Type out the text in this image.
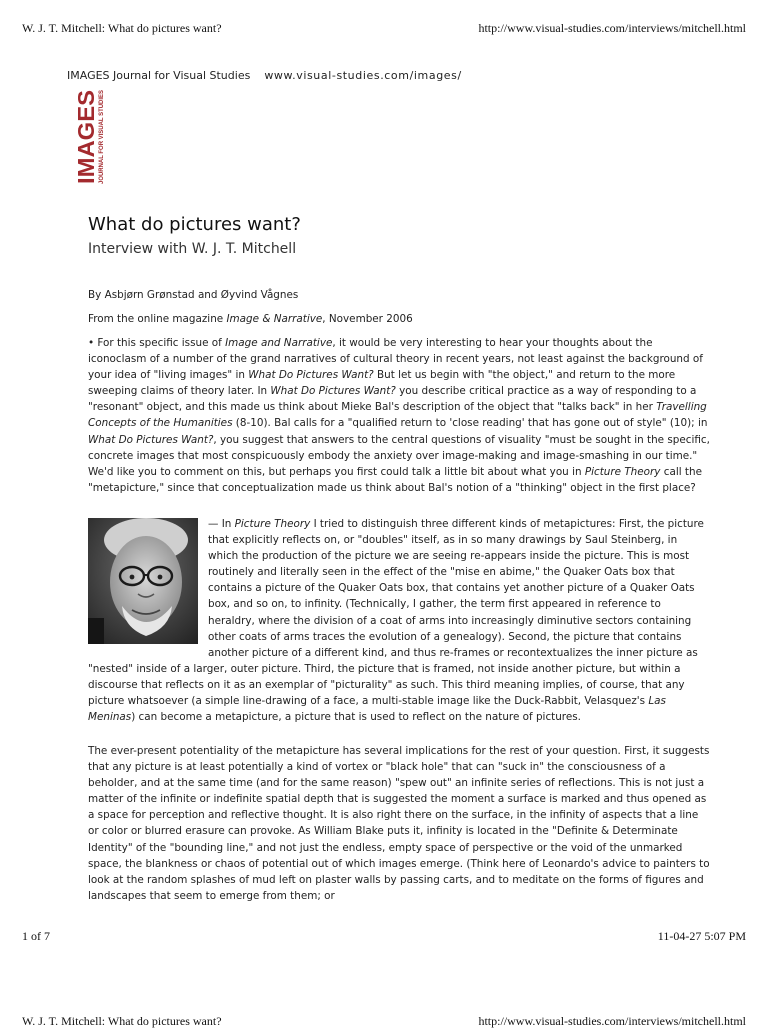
W. J. T. Mitchell: What do pictures want?	http://www.visual-studies.com/interviews/mitchell.html
IMAGES Journal for Visual Studies www.visual-studies.com/images/
IMAGES JOURNAL FOR VISUAL STUDIES
What do pictures want?
Interview with W. J. T. Mitchell
By Asbjørn Grønstad and Øyvind Vågnes
From the online magazine Image & Narrative, November 2006

• For this specific issue of Image and Narrative, it would be very interesting to hear your thoughts about the iconoclasm of a number of the grand narratives of cultural theory in recent years, not least against the background of your idea of "living images" in What Do Pictures Want? But let us begin with "the object," and return to the more sweeping claims of theory later. In What Do Pictures Want? you describe critical practice as a way of responding to a "resonant" object, and this made us think about Mieke Bal's description of the object that "talks back" in her Travelling Concepts of the Humanities (8-10). Bal calls for a "qualified return to 'close reading' that has gone out of style" (10); in What Do Pictures Want?, you suggest that answers to the central questions of visuality "must be sought in the specific, concrete images that most conspicuously embody the anxiety over image-making and image-smashing in our time." We'd like you to comment on this, but perhaps you first could talk a little bit about what you in Picture Theory call the "metapicture," since that conceptualization made us think about Bal's notion of a "thinking" object in the first place?

— In Picture Theory I tried to distinguish three different kinds of metapictures: First, the picture that explicitly reflects on, or "doubles" itself, as in so many drawings by Saul Steinberg, in which the production of the picture we are seeing re-appears inside the picture. This is most routinely and literally seen in the effect of the "mise en abime," the Quaker Oats box that contains a picture of the Quaker Oats box, that contains yet another picture of a Quaker Oats box, and so on, to infinity. (Technically, I gather, the term first appeared in reference to heraldry, where the division of a coat of arms into increasingly diminutive sectors containing other coats of arms traces the evolution of a genealogy). Second, the picture that contains another picture of a different kind, and thus re-frames or recontextualizes the inner picture as "nested" inside of a larger, outer picture. Third, the picture that is framed, not inside another picture, but within a discourse that reflects on it as an exemplar of "picturality" as such. This third meaning implies, of course, that any picture whatsoever (a simple line-drawing of a face, a multi-stable image like the Duck-Rabbit, Velasquez's Las Meninas) can become a metapicture, a picture that is used to reflect on the nature of pictures.

The ever-present potentiality of the metapicture has several implications for the rest of your question. First, it suggests that any picture is at least potentially a kind of vortex or "black hole" that can "suck in" the consciousness of a beholder, and at the same time (and for the same reason) "spew out" an infinite series of reflections. This is not just a matter of the infinite or indefinite spatial depth that is suggested the moment a surface is marked and thus opened as a space for perception and reflective thought. It is also right there on the surface, in the infinity of aspects that a line or color or blurred erasure can provoke. As William Blake puts it, infinity is located in the "Definite & Determinate Identity" of the "bounding line," and not just the endless, empty space of perspective or the void of the unmarked space, the blankness or chaos of potential out of which images emerge. (Think here of Leonardo's advice to painters to look at the random splashes of mud left on plaster walls by passing carts, and to meditate on the forms of figures and landscapes that seem to emerge from them; or

1 of 7	11-04-27 5:07 PM
W. J. T. Mitchell: What do pictures want?	http://www.visual-studies.com/interviews/mitchell.html
